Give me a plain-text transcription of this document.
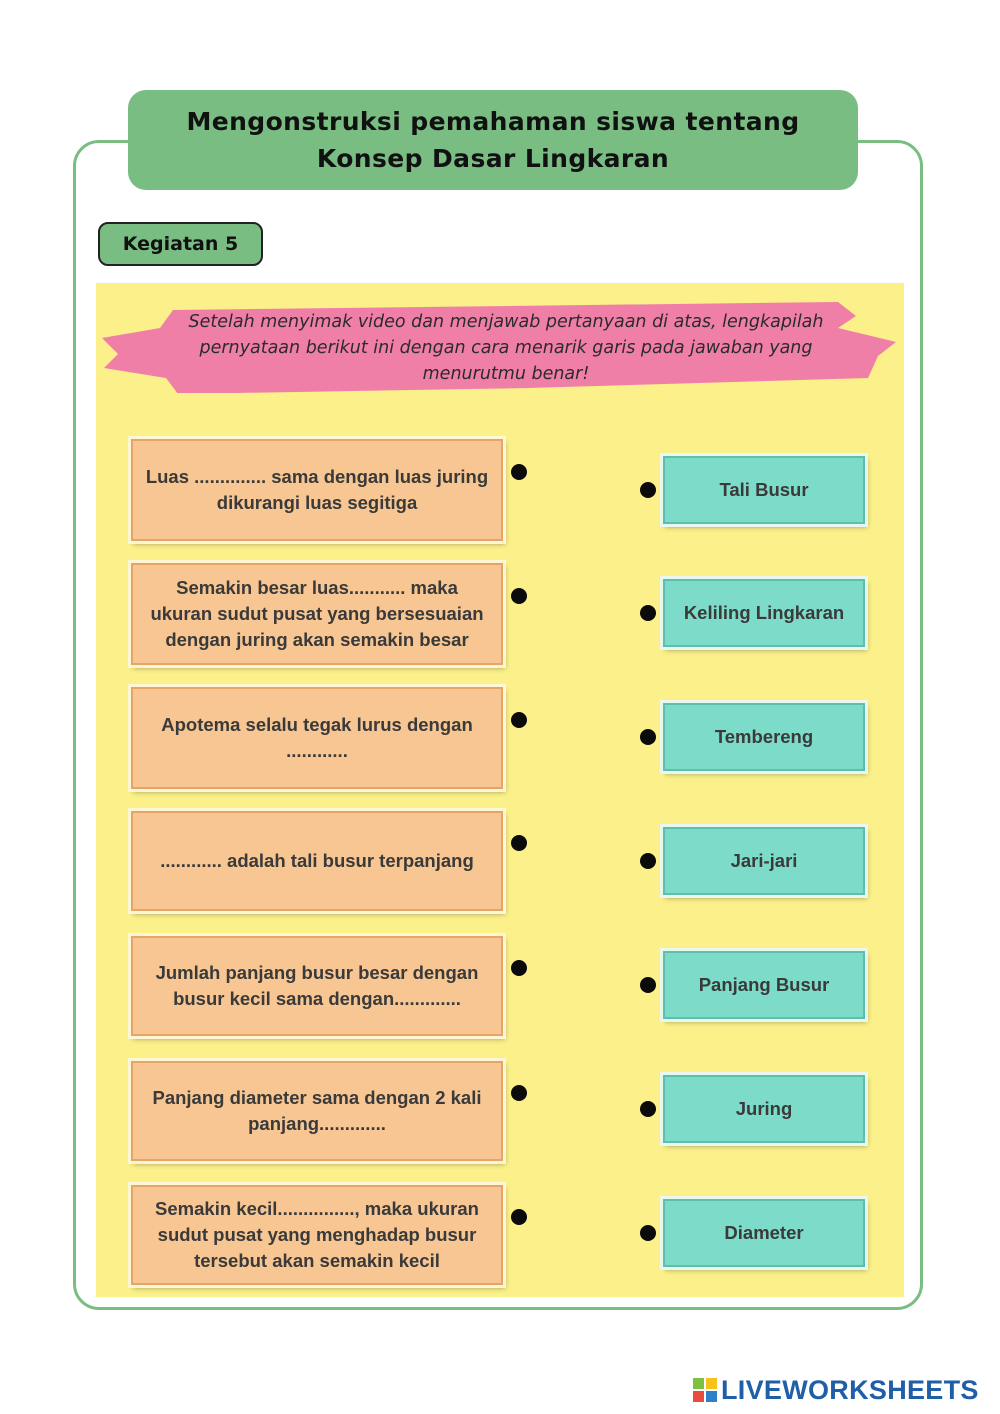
Mengonstruksi pemahaman siswa tentang
Konsep Dasar Lingkaran
Kegiatan 5
Setelah menyimak video dan menjawab pertanyaan di atas, lengkapilah pernyataan berikut ini dengan cara menarik garis pada jawaban yang menurutmu benar!
Luas .............. sama dengan luas juring dikurangi luas segitiga
Semakin besar luas........... maka ukuran sudut pusat yang bersesuaian dengan juring akan semakin besar
Apotema selalu tegak lurus dengan ............
............ adalah tali busur terpanjang
Jumlah panjang busur besar dengan busur kecil sama dengan.............
Panjang diameter sama dengan 2 kali panjang.............
Semakin kecil..............., maka ukuran sudut pusat yang menghadap busur tersebut akan semakin kecil
Tali Busur
Keliling Lingkaran
Tembereng
Jari-jari
Panjang Busur
Juring
Diameter
LIVEWORKSHEETS
